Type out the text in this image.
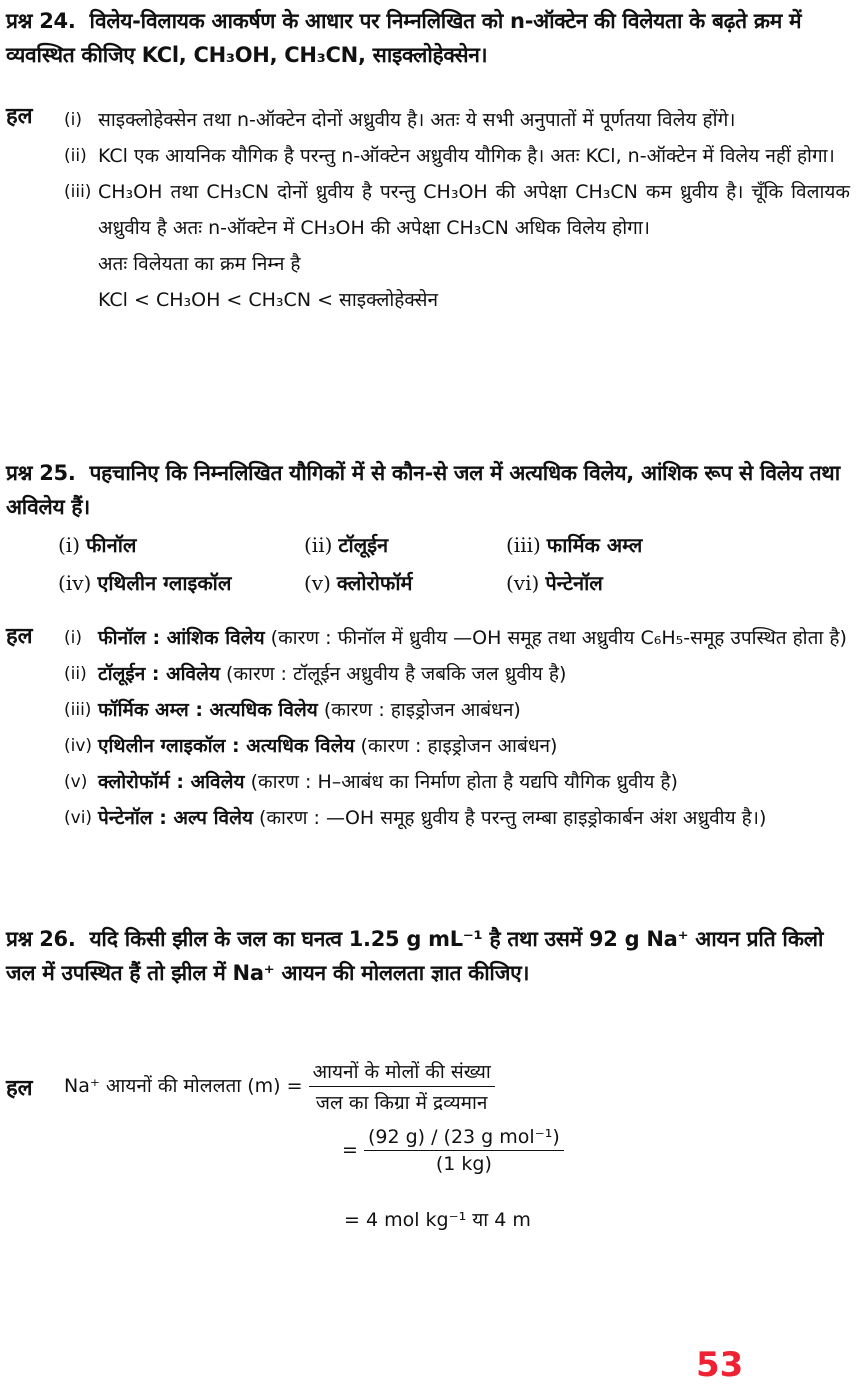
प्रश्न 24. विलेय-विलायक आकर्षण के आधार पर निम्नलिखित को n-ऑक्टेन की विलेयता के बढ़ते क्रम में व्यवस्थित कीजिए KCl, CH₃OH, CH₃CN, साइक्लोहेक्सेन।
हल (i) साइक्लोहेक्सेन तथा n-ऑक्टेन दोनों अध्रुवीय है। अतः ये सभी अनुपातों में पूर्णतया विलेय होंगे।
(ii) KCl एक आयनिक यौगिक है परन्तु n-ऑक्टेन अध्रुवीय यौगिक है। अतः KCl, n-ऑक्टेन में विलेय नहीं होगा।
(iii) CH₃OH तथा CH₃CN दोनों ध्रुवीय है परन्तु CH₃OH की अपेक्षा CH₃CN कम ध्रुवीय है। चूँकि विलायक अध्रुवीय है अतः n-ऑक्टेन में CH₃OH की अपेक्षा CH₃CN अधिक विलेय होगा।
अतः विलेयता का क्रम निम्न है
KCl < CH₃OH < CH₃CN < साइक्लोहेक्सेन
प्रश्न 25. पहचानिए कि निम्नलिखित यौगिकों में से कौन-से जल में अत्यधिक विलेय, आंशिक रूप से विलेय तथा अविलेय हैं।
(i) फीनॉल	(ii) टॉलूईन	(iii) फार्मिक अम्ल
(iv) एथिलीन ग्लाइकॉल	(v) क्लोरोफॉर्म	(vi) पेन्टेनॉल
हल (i) फीनॉल : आंशिक विलेय (कारण : फीनॉल में ध्रुवीय —OH समूह तथा अध्रुवीय C₆H₅-समूह उपस्थित होता है)
(ii) टॉलूईन : अविलेय (कारण : टॉलूईन अध्रुवीय है जबकि जल ध्रुवीय है)
(iii) फॉर्मिक अम्ल : अत्यधिक विलेय (कारण : हाइड्रोजन आबंधन)
(iv) एथिलीन ग्लाइकॉल : अत्यधिक विलेय (कारण : हाइड्रोजन आबंधन)
(v) क्लोरोफॉर्म : अविलेय (कारण : H–आबंध का निर्माण होता है यद्यपि यौगिक ध्रुवीय है)
(vi) पेन्टेनॉल : अल्प विलेय (कारण : —OH समूह ध्रुवीय है परन्तु लम्बा हाइड्रोकार्बन अंश अध्रुवीय है।)
प्रश्न 26. यदि किसी झील के जल का घनत्व 1.25 g mL⁻¹ है तथा उसमें 92 g Na⁺ आयन प्रति किलो जल में उपस्थित हैं तो झील में Na⁺ आयन की मोललता ज्ञात कीजिए।
हल Na⁺ आयनों की मोललता $(m) = \frac{\text{आयनों के मोलों की संख्या}}{\text{जल का किग्रा में द्रव्यमान}}$
= $\frac{\text{(92 g) / (23 g mol⁻¹)}}{(1 kg)}$
= 4 mol kg⁻¹ या 4 m
53
